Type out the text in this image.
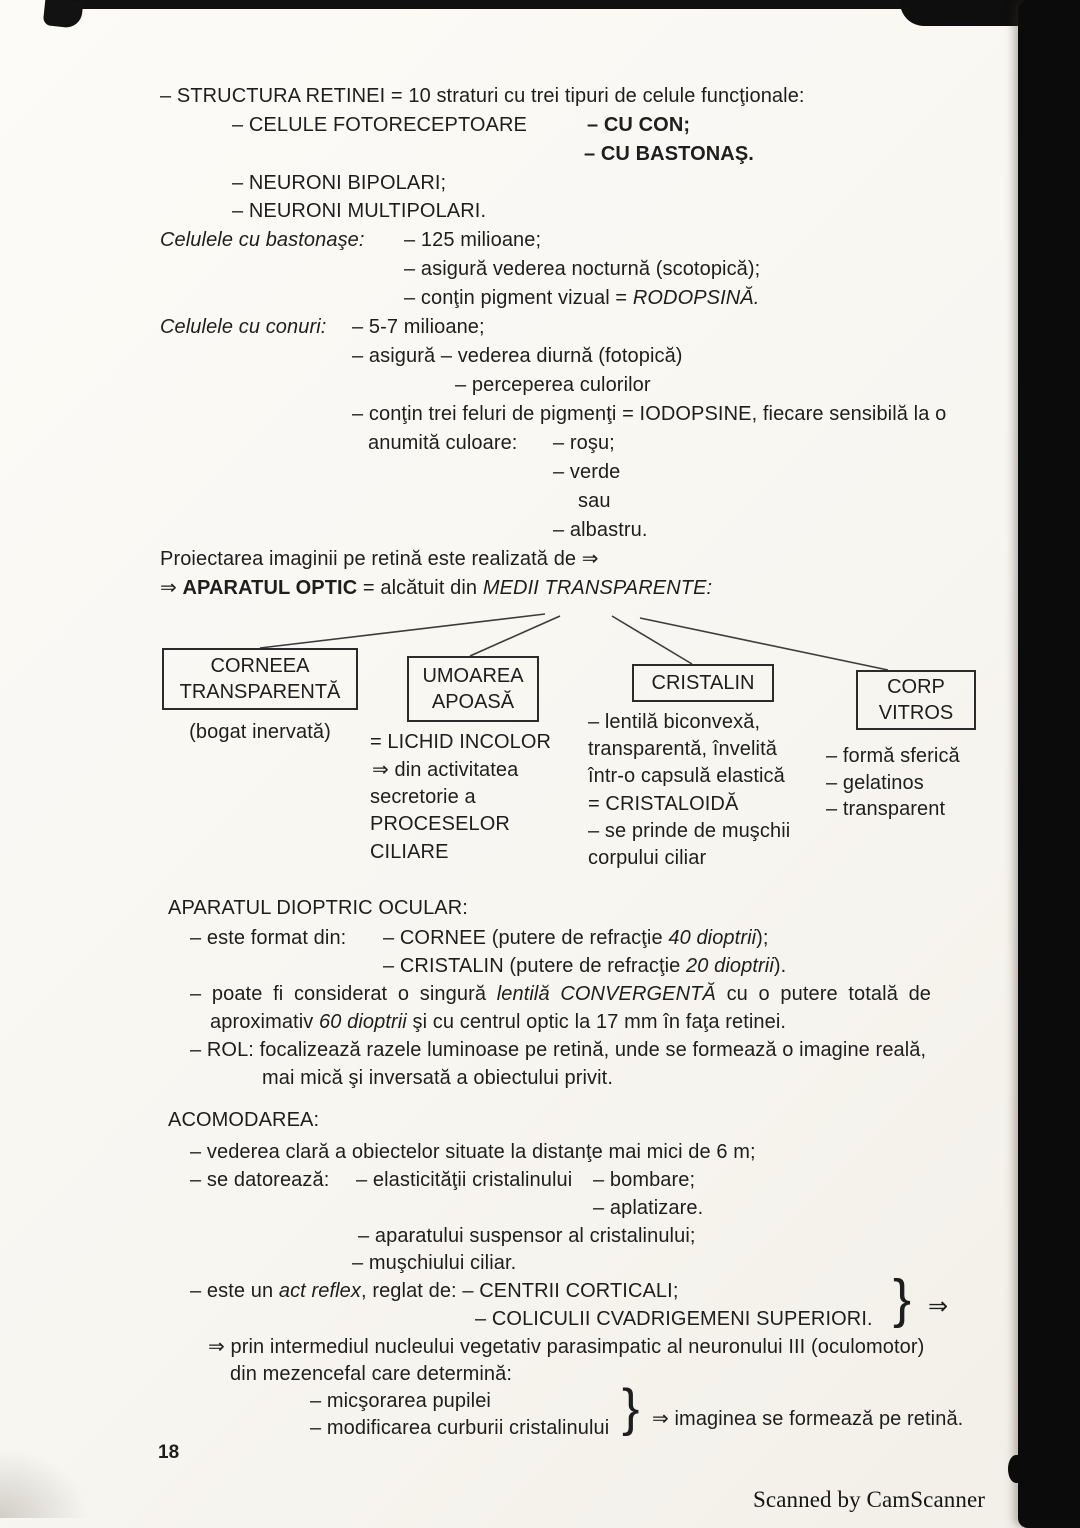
– STRUCTURA RETINEI = 10 straturi cu trei tipuri de celule funcţionale:
– CELULE FOTORECEPTOARE	– CU CON;
– CU BASTONAŞ.
– NEURONI BIPOLARI;
– NEURONI MULTIPOLARI.
Celulele cu bastonaşe: – 125 milioane;
– asigură vederea nocturnă (scotopică);
– conţin pigment vizual = RODOPSINĂ.
Celulele cu conuri: – 5-7 milioane;
– asigură – vederea diurnă (fotopică)
– perceperea culorilor
– conţin trei feluri de pigmenţi = IODOPSINE, fiecare sensibilă la o
anumită culoare: – roşu;
– verde
sau
– albastru.
Proiectarea imaginii pe retină este realizată de ⇒
⇒ APARATUL OPTIC = alcătuit din MEDII TRANSPARENTE:
CORNEEA
TRANSPARENTĂ
(bogat inervată)
UMOAREA
APOASĂ
= LICHID INCOLOR
⇒ din activitatea
secretorie a
PROCESELOR
CILIARE
CRISTALIN
– lentilă biconvexă,
transparentă, învelită
într-o capsulă elastică
= CRISTALOIDĂ
– se prinde de muşchii
corpului ciliar
CORP
VITROS
– formă sferică
– gelatinos
– transparent
APARATUL DIOPTRIC OCULAR:
– este format din: – CORNEE (putere de refracţie 40 dioptrii);
– CRISTALIN (putere de refracţie 20 dioptrii).
– poate fi considerat o singură lentilă CONVERGENTĂ cu o putere totală de
aproximativ 60 dioptrii şi cu centrul optic la 17 mm în faţa retinei.
– ROL: focalizează razele luminoase pe retină, unde se formează o imagine reală,
mai mică şi inversată a obiectului privit.
ACOMODAREA:
– vederea clară a obiectelor situate la distanţe mai mici de 6 m;
– se datorează: – elasticităţii cristalinului – bombare;
– aplatizare.
– aparatului suspensor al cristalinului;
– muşchiului ciliar.
– este un act reflex, reglat de: – CENTRII CORTICALI;
– COLICULII CVADRIGEMENI SUPERIORI. } ⇒
⇒ prin intermediul nucleului vegetativ parasimpatic al neuronului III (oculomotor)
din mezencefal care determină:
– micşorarea pupilei
– modificarea curburii cristalinului } ⇒ imaginea se formează pe retină.
18
Scanned by CamScanner
